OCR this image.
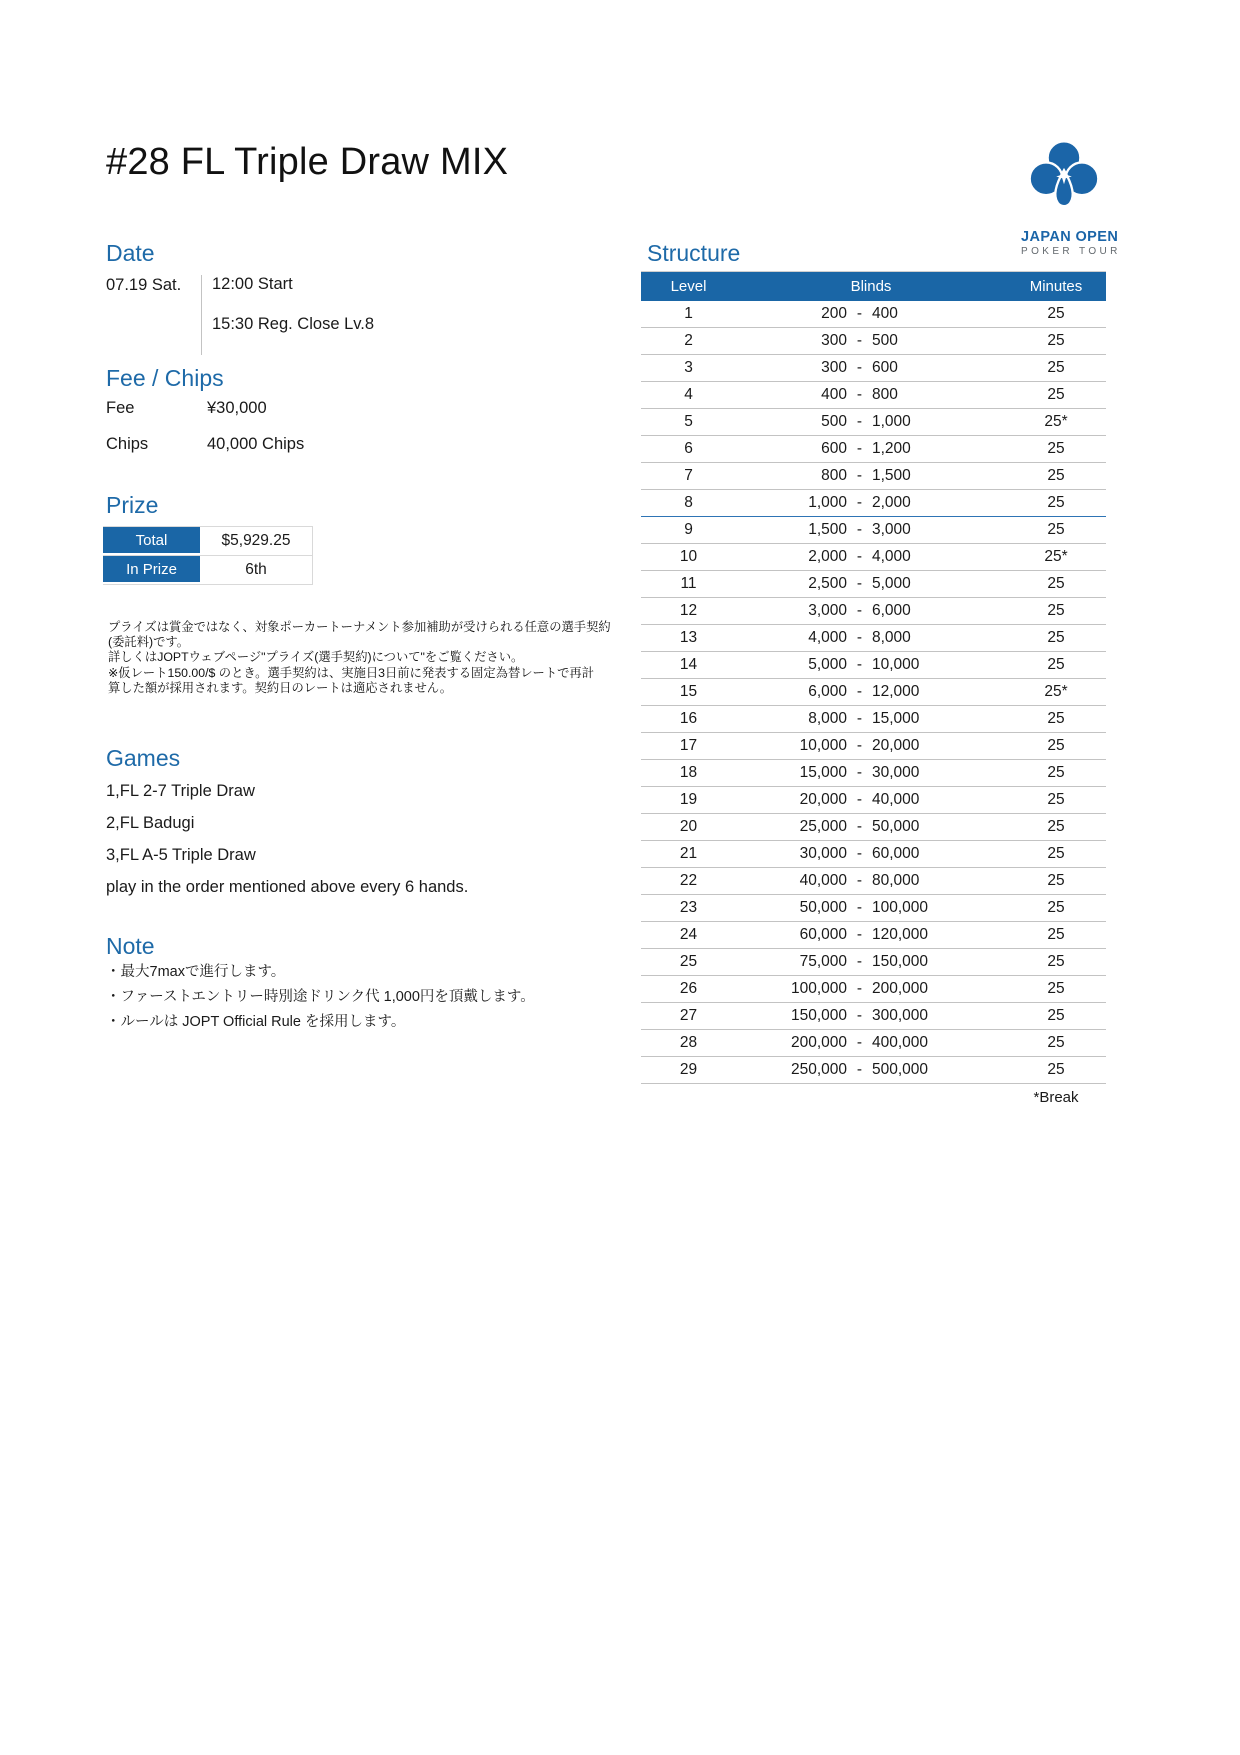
#28 FL Triple Draw MIX
JAPAN OPEN
POKER TOUR
Date
07.19 Sat.	12:00 Start
15:30 Reg. Close Lv.8
Fee / Chips
Fee	¥30,000
Chips	40,000 Chips
Prize
Total	$5,929.25
In Prize	6th
プライズは賞金ではなく、対象ポーカートーナメント参加補助が受けられる任意の選手契約
(委託料)です。
詳しくはJOPTウェブページ"プライズ(選手契約)について"をご覧ください。
※仮レート150.00/$ のとき。選手契約は、実施日3日前に発表する固定為替レートで再計
算した額が採用されます。契約日のレートは適応されません。
Games
1,FL 2-7 Triple Draw
2,FL Badugi
3,FL A-5 Triple Draw
play in the order mentioned above every 6 hands.
Note
・最大7maxで進行します。
・ファーストエントリー時別途ドリンク代 1,000円を頂戴します。
・ルールは JOPT Official Rule を採用します。
Structure
Level	Blinds	Minutes
1	200 - 400	25
2	300 - 500	25
3	300 - 600	25
4	400 - 800	25
5	500 - 1,000	25*
6	600 - 1,200	25
7	800 - 1,500	25
8	1,000 - 2,000	25
9	1,500 - 3,000	25
10	2,000 - 4,000	25*
11	2,500 - 5,000	25
12	3,000 - 6,000	25
13	4,000 - 8,000	25
14	5,000 - 10,000	25
15	6,000 - 12,000	25*
16	8,000 - 15,000	25
17	10,000 - 20,000	25
18	15,000 - 30,000	25
19	20,000 - 40,000	25
20	25,000 - 50,000	25
21	30,000 - 60,000	25
22	40,000 - 80,000	25
23	50,000 - 100,000	25
24	60,000 - 120,000	25
25	75,000 - 150,000	25
26	100,000 - 200,000	25
27	150,000 - 300,000	25
28	200,000 - 400,000	25
29	250,000 - 500,000	25
*Break
